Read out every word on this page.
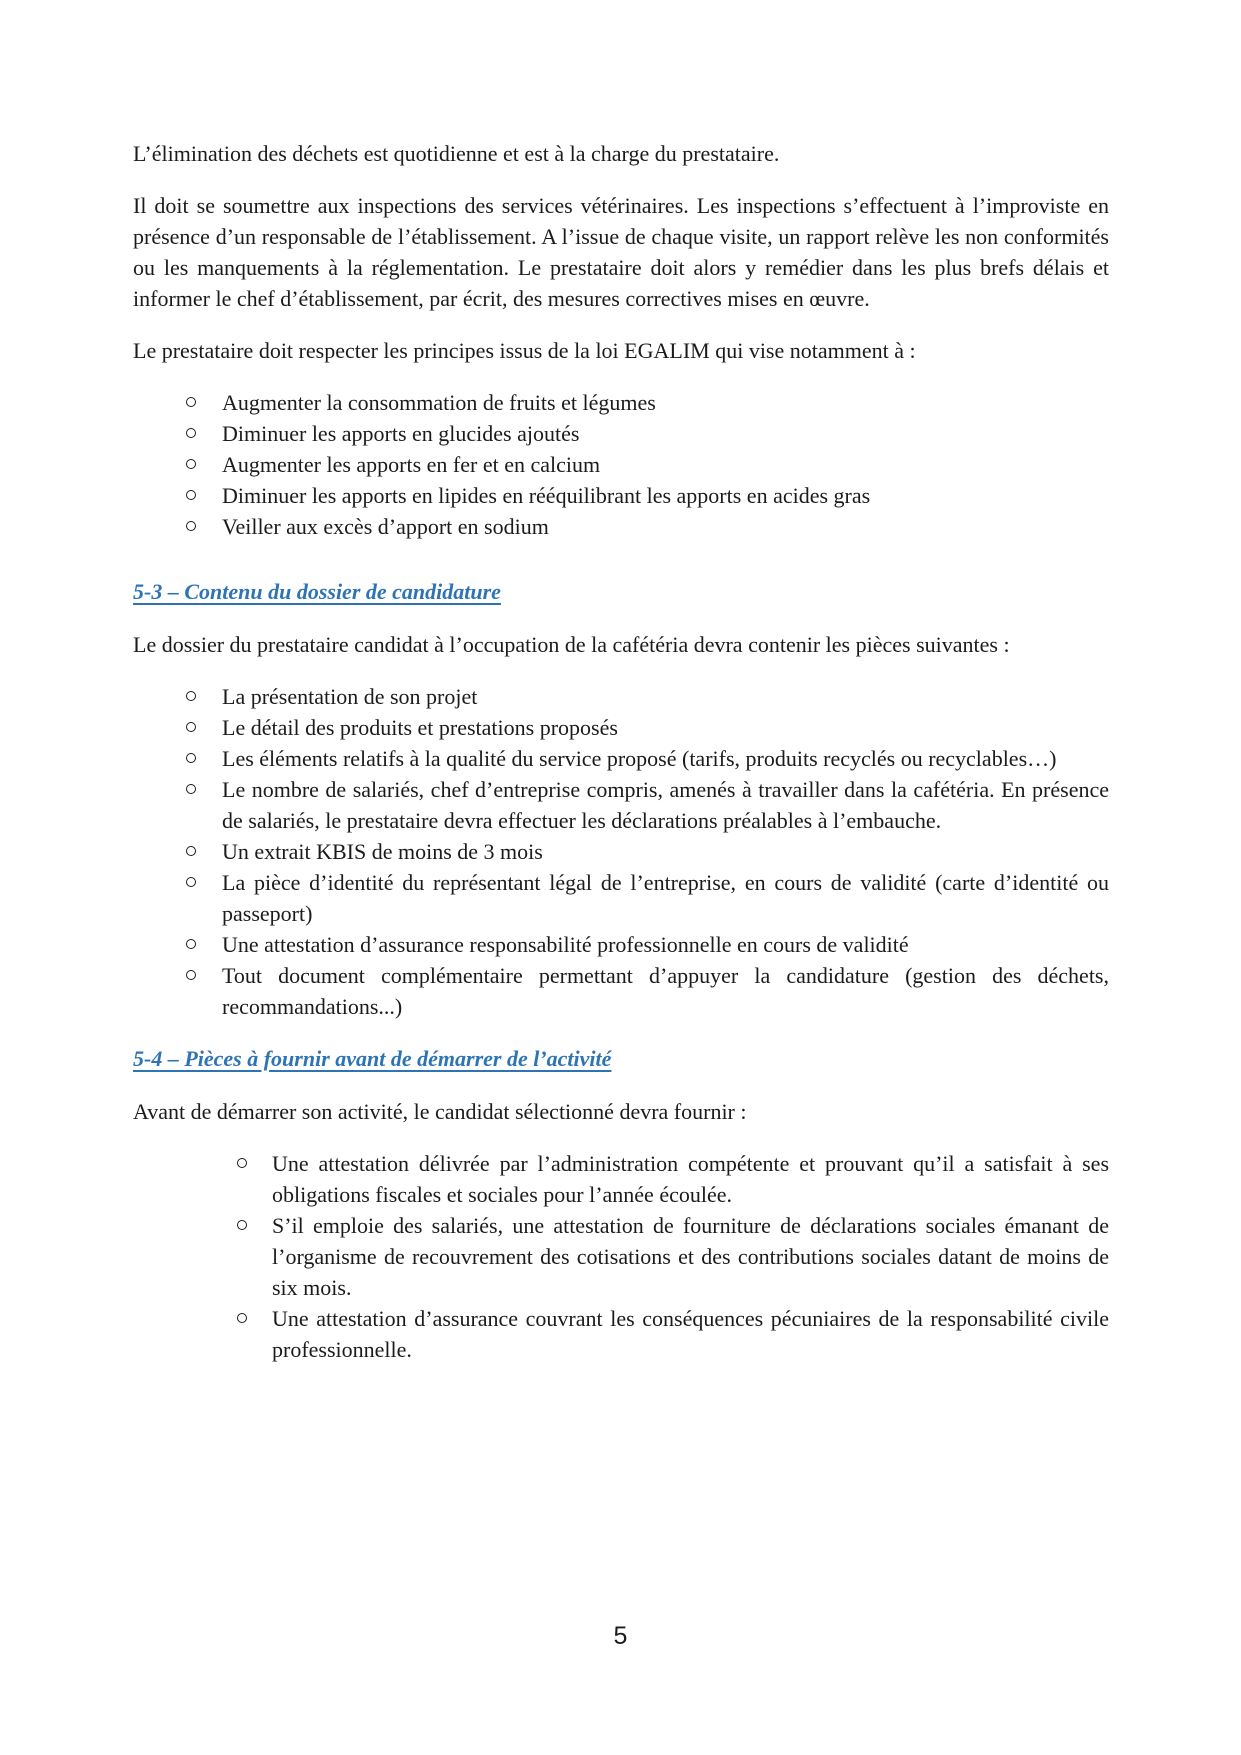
L’élimination des déchets est quotidienne et est à la charge du prestataire.

Il doit se soumettre aux inspections des services vétérinaires. Les inspections s’effectuent à l’improviste en présence d’un responsable de l’établissement. A l’issue de chaque visite, un rapport relève les non conformités ou les manquements à la réglementation. Le prestataire doit alors y remédier dans les plus brefs délais et informer le chef d’établissement, par écrit, des mesures correctives mises en œuvre.

Le prestataire doit respecter les principes issus de la loi EGALIM qui vise notamment à :

Augmenter la consommation de fruits et légumes
Diminuer les apports en glucides ajoutés
Augmenter les apports en fer et en calcium
Diminuer les apports en lipides en rééquilibrant les apports en acides gras
Veiller aux excès d’apport en sodium
5-3 – Contenu du dossier de candidature

Le dossier du prestataire candidat à l’occupation de la cafétéria devra contenir les pièces suivantes :

La présentation de son projet
Le détail des produits et prestations proposés
Les éléments relatifs à la qualité du service proposé (tarifs, produits recyclés ou recyclables…)
Le nombre de salariés, chef d’entreprise compris, amenés à travailler dans la cafétéria. En présence de salariés, le prestataire devra effectuer les déclarations préalables à l’embauche.
Un extrait KBIS de moins de 3 mois
La pièce d’identité du représentant légal de l’entreprise, en cours de validité (carte d’identité ou passeport)
Une attestation d’assurance responsabilité professionnelle en cours de validité
Tout document complémentaire permettant d’appuyer la candidature (gestion des déchets, recommandations...)
5-4 – Pièces à fournir avant de démarrer de l’activité

Avant de démarrer son activité, le candidat sélectionné devra fournir :

Une attestation délivrée par l’administration compétente et prouvant qu’il a satisfait à ses obligations fiscales et sociales pour l’année écoulée.
S’il emploie des salariés, une attestation de fourniture de déclarations sociales émanant de l’organisme de recouvrement des cotisations et des contributions sociales datant de moins de six mois.
Une attestation d’assurance couvrant les conséquences pécuniaires de la responsabilité civile professionnelle.
5
